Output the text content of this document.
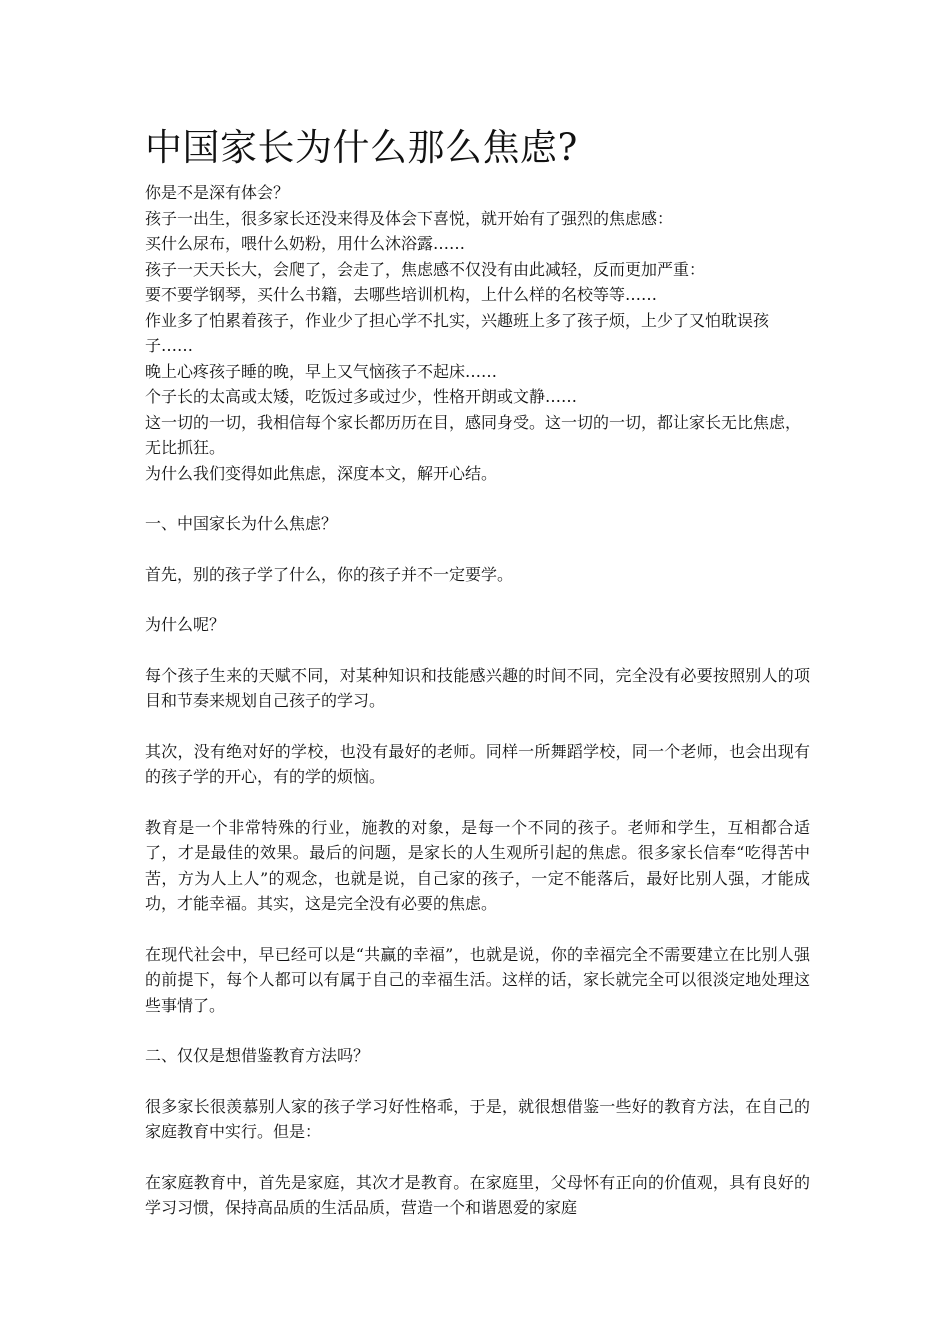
中国家长为什么那么焦虑?

你是不是深有体会？

孩子一出生，很多家长还没来得及体会下喜悦，就开始有了强烈的焦虑感：

买什么尿布，喂什么奶粉，用什么沐浴露……

孩子一天天长大，会爬了，会走了，焦虑感不仅没有由此减轻，反而更加严重：

要不要学钢琴，买什么书籍，去哪些培训机构，上什么样的名校等等……

作业多了怕累着孩子，作业少了担心学不扎实，兴趣班上多了孩子烦，上少了又怕耽误孩子……

晚上心疼孩子睡的晚，早上又气恼孩子不起床……

个子长的太高或太矮，吃饭过多或过少，性格开朗或文静……

这一切的一切，我相信每个家长都历历在目，感同身受。这一切的一切，都让家长无比焦虑，无比抓狂。

为什么我们变得如此焦虑，深度本文，解开心结。

一、中国家长为什么焦虑？

首先，别的孩子学了什么，你的孩子并不一定要学。

为什么呢？

每个孩子生来的天赋不同，对某种知识和技能感兴趣的时间不同，完全没有必要按照别人的项目和节奏来规划自己孩子的学习。

其次，没有绝对好的学校，也没有最好的老师。同样一所舞蹈学校，同一个老师，也会出现有的孩子学的开心，有的学的烦恼。

教育是一个非常特殊的行业，施教的对象，是每一个不同的孩子。老师和学生，互相都合适了，才是最佳的效果。最后的问题，是家长的人生观所引起的焦虑。很多家长信奉“吃得苦中苦，方为人上人”的观念，也就是说，自己家的孩子，一定不能落后，最好比别人强，才能成功，才能幸福。其实，这是完全没有必要的焦虑。

在现代社会中，早已经可以是“共赢的幸福”，也就是说，你的幸福完全不需要建立在比别人强的前提下，每个人都可以有属于自己的幸福生活。这样的话，家长就完全可以很淡定地处理这些事情了。

二、仅仅是想借鉴教育方法吗？

很多家长很羡慕别人家的孩子学习好性格乖，于是，就很想借鉴一些好的教育方法，在自己的家庭教育中实行。但是：

在家庭教育中，首先是家庭，其次才是教育。在家庭里，父母怀有正向的价值观，具有良好的学习习惯，保持高品质的生活品质，营造一个和谐恩爱的家庭
